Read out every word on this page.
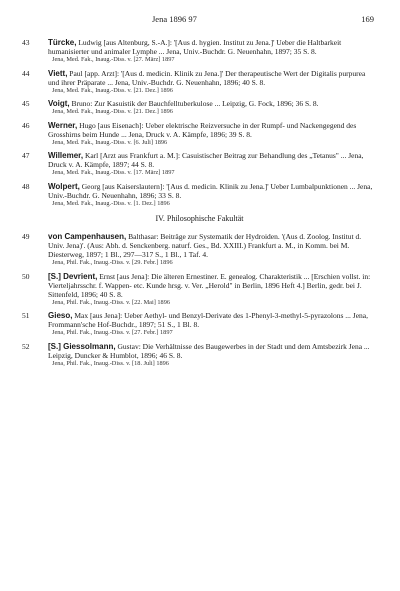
Jena 1896 97	169
43 Türcke, Ludwig [aus Altenburg, S.-A.]: '[Aus d. hygien. Institut zu Jena.]' Ueber die Haltbarkeit humanisierter und animaler Lymphe ... Jena, Univ.-Buchdr. G. Neuenhahn, 1897; 35 S. 8.

Jena, Med. Fak., Inaug.-Diss. v. [27. März] 1897

44 Viett, Paul [app. Arzt]: '[Aus d. medicin. Klinik zu Jena.]' Der therapeutische Wert der Digitalis purpurea und ihrer Präparate ... Jena, Univ.-Buchdr. G. Neuenhahn, 1896; 40 S. 8.

Jena, Med. Fak., Inaug.-Diss. v. [21. Dez.] 1896

45 Voigt, Bruno: Zur Kasuistik der Bauchfelltuberkulose ... Leipzig, G. Fock, 1896; 36 S. 8.

Jena, Med. Fak., Inaug.-Diss. v. [21. Dez.] 1896

46 Werner, Hugo [aus Eisenach]: Ueber elektrische Reizversuche in der Rumpf- und Nackengegend des Grosshirns beim Hunde ... Jena, Druck v. A. Kämpfe, 1896; 39 S. 8.

Jena, Med. Fak., Inaug.-Diss. v. [6. Juli] 1896

47 Willemer, Karl [Arzt aus Frankfurt a. M.]: Casuistischer Beitrag zur Behandlung des „Tetanus" ... Jena, Druck v. A. Kämpfe, 1897; 44 S. 8.

Jena, Med. Fak., Inaug.-Diss. v. [17. März] 1897

48 Wolpert, Georg [aus Kaiserslautern]: '[Aus d. medicin. Klinik zu Jena.]' Ueber Lumbalpunktionen ... Jena, Univ.-Buchdr. G. Neuenhahn, 1896; 33 S. 8.

Jena, Med. Fak., Inaug.-Diss. v. [1. Dez.] 1896

IV. Philosophische Fakultät
49 von Campenhausen, Balthasar: Beiträge zur Systematik der Hydroiden. '(Aus d. Zoolog. Institut d. Univ. Jena)'. (Aus: Abh. d. Senckenberg. naturf. Ges., Bd. XXIII.) Frankfurt a. M., in Komm. bei M. Diesterweg, 1897; 1 Bl., 297—317 S., 1 Bl., 1 Taf. 4.

Jena, Phil. Fak., Inaug.-Diss. v. [29. Febr.] 1896

50 [S.] Devrient, Ernst [aus Jena]: Die älteren Ernestiner. E. genealog. Charakteristik ... [Erschien vollst. in: Vierteljahrsschr. f. Wappen- etc. Kunde hrsg. v. Ver. „Herold" in Berlin, 1896 Heft 4.] Berlin, gedr. bei J. Sittenfeld, 1896; 40 S. 8.

Jena, Phil. Fak., Inaug.-Diss. v. [22. Mai] 1896

51 Gieso, Max [aus Jena]: Ueber Aethyl- und Benzyl-Derivate des 1-Phenyl-3-methyl-5-pyrazolons ... Jena, Frommann'sche Hof-Buchdr., 1897; 51 S., 1 Bl. 8.

Jena, Phil. Fak., Inaug.-Diss. v. [27. Febr.] 1897

52 [S.] Giessolmann, Gustav: Die Verhältnisse des Baugewerbes in der Stadt und dem Amtsbezirk Jena ... Leipzig, Duncker & Humblot, 1896; 46 S. 8.

Jena, Phil. Fak., Inaug.-Diss. v. [18. Juli] 1896
